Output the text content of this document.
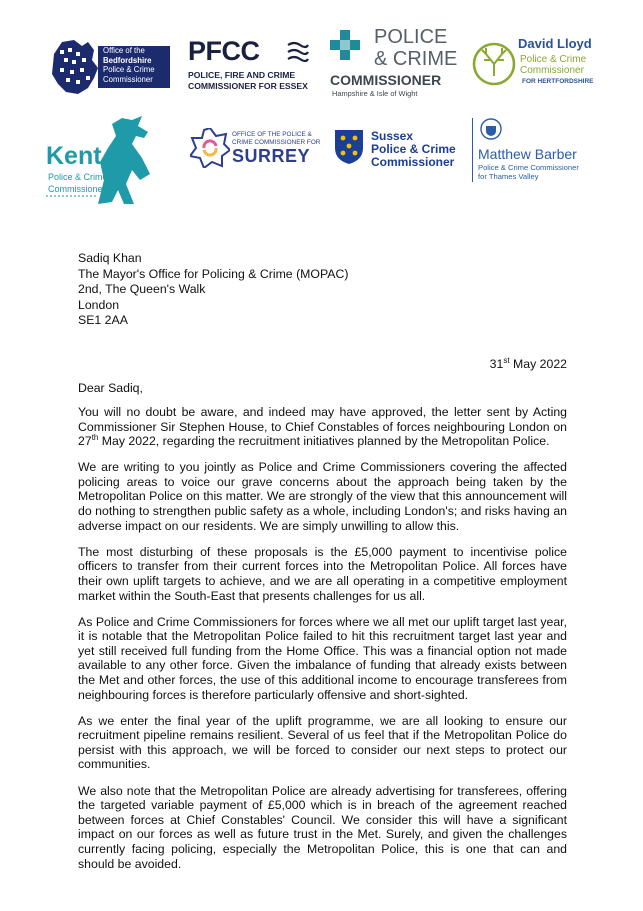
Office of the
Bedfordshire
Police & Crime
Commissioner
PFCC
POLICE, FIRE AND CRIME
COMMISSIONER FOR ESSEX
POLICE
& CRIME
COMMISSIONER
Hampshire & Isle of Wight
David Lloyd
Police & Crime
Commissioner
FOR HERTFORDSHIRE
Kent
Police & Crime
Commissioner
OFFICE OF THE POLICE &
CRIME COMMISSIONER FOR
SURREY
Sussex
Police & Crime
Commissioner Matthew Barber
Police & Crime Commissioner
for Thames Valley
Sadiq Khan
The Mayor's Office for Policing & Crime (MOPAC)
2nd, The Queen's Walk
London
SE1 2AA
31st May 2022
Dear Sadiq,

You will no doubt be aware, and indeed may have approved, the letter sent by Acting Commissioner Sir Stephen House, to Chief Constables of forces neighbouring London on 27th May 2022, regarding the recruitment initiatives planned by the Metropolitan Police.

We are writing to you jointly as Police and Crime Commissioners covering the affected policing areas to voice our grave concerns about the approach being taken by the Metropolitan Police on this matter. We are strongly of the view that this announcement will do nothing to strengthen public safety as a whole, including London's; and risks having an adverse impact on our residents. We are simply unwilling to allow this.

The most disturbing of these proposals is the £5,000 payment to incentivise police officers to transfer from their current forces into the Metropolitan Police. All forces have their own uplift targets to achieve, and we are all operating in a competitive employment market within the South-East that presents challenges for us all.

As Police and Crime Commissioners for forces where we all met our uplift target last year, it is notable that the Metropolitan Police failed to hit this recruitment target last year and yet still received full funding from the Home Office. This was a financial option not made available to any other force. Given the imbalance of funding that already exists between the Met and other forces, the use of this additional income to encourage transferees from neighbouring forces is therefore particularly offensive and short-sighted.

As we enter the final year of the uplift programme, we are all looking to ensure our recruitment pipeline remains resilient. Several of us feel that if the Metropolitan Police do persist with this approach, we will be forced to consider our next steps to protect our communities.

We also note that the Metropolitan Police are already advertising for transferees, offering the targeted variable payment of £5,000 which is in breach of the agreement reached between forces at Chief Constables' Council. We consider this will have a significant impact on our forces as well as future trust in the Met. Surely, and given the challenges currently facing policing, especially the Metropolitan Police, this is one that can and should be avoided.
